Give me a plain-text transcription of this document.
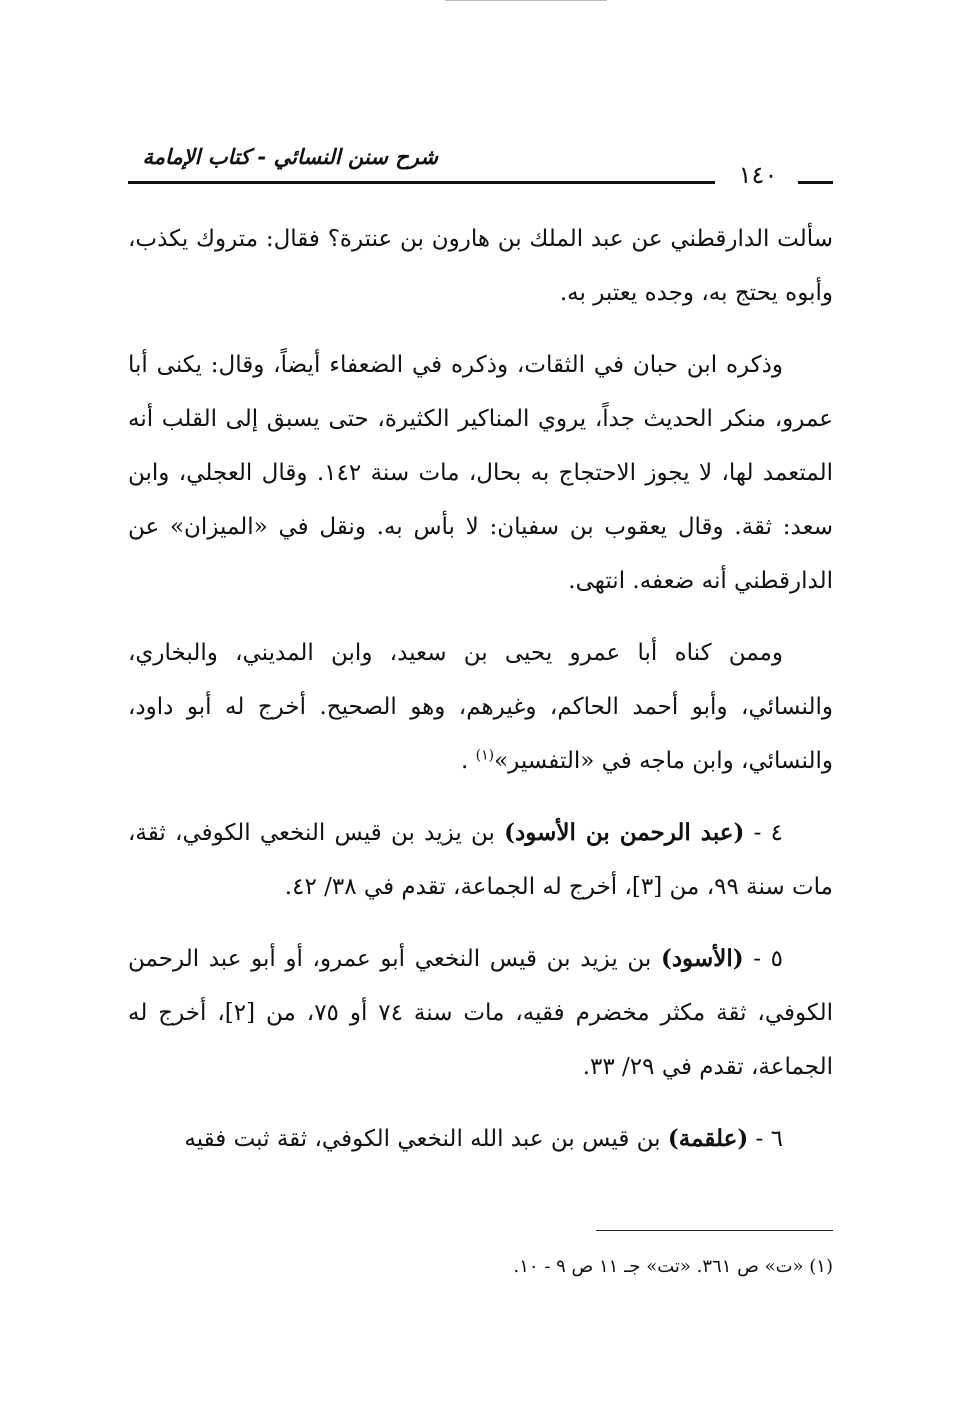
شرح سنن النسائي - كتاب الإمامة
١٤٠

سألت الدارقطني عن عبد الملك بن هارون بن عنترة؟ فقال: متروك يكذب، وأبوه يحتج به، وجده يعتبر به.

وذكره ابن حبان في الثقات، وذكره في الضعفاء أيضاً، وقال: يكنى أبا عمرو، منكر الحديث جداً، يروي المناكير الكثيرة، حتى يسبق إلى القلب أنه المتعمد لها، لا يجوز الاحتجاج به بحال، مات سنة ١٤٢. وقال العجلي، وابن سعد: ثقة. وقال يعقوب بن سفيان: لا بأس به. ونقل في «الميزان» عن الدارقطني أنه ضعفه. انتهى.

وممن كناه أبا عمرو يحيى بن سعيد، وابن المديني، والبخاري، والنسائي، وأبو أحمد الحاكم، وغيرهم، وهو الصحيح. أخرج له أبو داود، والنسائي، وابن ماجه في «التفسير»$^{(١)}$ .

٤ - (عبد الرحمن بن الأسود) بن يزيد بن قيس النخعي الكوفي، ثقة، مات سنة ٩٩، من [٣]، أخرج له الجماعة، تقدم في ٣٨/ ٤٢.

٥ - (الأسود) بن يزيد بن قيس النخعي أبو عمرو، أو أبو عبد الرحمن الكوفي، ثقة مكثر مخضرم فقيه، مات سنة ٧٤ أو ٧٥، من [٢]، أخرج له الجماعة، تقدم في ٢٩/ ٣٣.

٦ - (علقمة) بن قيس بن عبد الله النخعي الكوفي، ثقة ثبت فقيه

(١) «ت» ص ٣٦١. «تت» جـ ١١ ص ٩ - ١٠.
